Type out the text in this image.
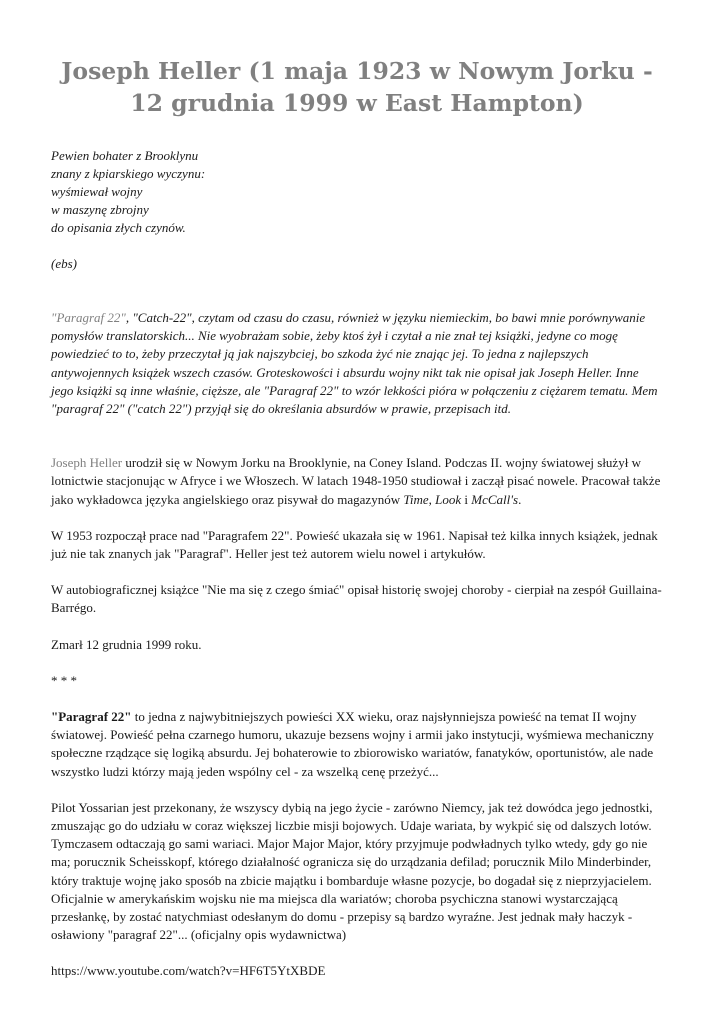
Joseph Heller (1 maja 1923 w Nowym Jorku - 12 grudnia 1999 w East Hampton)
Pewien bohater z Brooklynu
znany z kpiarskiego wyczynu:
wyśmiewał wojny
w maszynę zbrojny
do opisania złych czynów.
(ebs)

"Paragraf 22", "Catch-22", czytam od czasu do czasu, również w języku niemieckim, bo bawi mnie porównywanie pomysłów translatorskich... Nie wyobrażam sobie, żeby ktoś żył i czytał a nie znał tej książki, jedyne co mogę powiedzieć to to, żeby przeczytał ją jak najszybciej, bo szkoda żyć nie znając jej. To jedna z najlepszych antywojennych książek wszech czasów. Groteskowości i absurdu wojny nikt tak nie opisał jak Joseph Heller. Inne jego książki są inne właśnie, cięższe, ale "Paragraf 22" to wzór lekkości pióra w połączeniu z ciężarem tematu. Mem "paragraf 22" ("catch 22") przyjął się do określania absurdów w prawie, przepisach itd.

Joseph Heller urodził się w Nowym Jorku na Brooklynie, na Coney Island. Podczas II. wojny światowej służył w lotnictwie stacjonując w Afryce i we Włoszech. W latach 1948-1950 studiował i zaczął pisać nowele. Pracował także jako wykładowca języka angielskiego oraz pisywał do magazynów Time, Look i McCall's.

W 1953 rozpoczął prace nad "Paragrafem 22". Powieść ukazała się w 1961. Napisał też kilka innych książek, jednak już nie tak znanych jak "Paragraf". Heller jest też autorem wielu nowel i artykułów.

W autobiograficznej książce "Nie ma się z czego śmiać" opisał historię swojej choroby - cierpiał na zespół Guillaina-Barrégo.

Zmarł 12 grudnia 1999 roku.

* * *

"Paragraf 22" to jedna z najwybitniejszych powieści XX wieku, oraz najsłynniejsza powieść na temat II wojny światowej. Powieść pełna czarnego humoru, ukazuje bezsens wojny i armii jako instytucji, wyśmiewa mechaniczny społeczne rządzące się logiką absurdu. Jej bohaterowie to zbiorowisko wariatów, fanatyków, oportunistów, ale nade wszystko ludzi którzy mają jeden wspólny cel - za wszelką cenę przeżyć...

Pilot Yossarian jest przekonany, że wszyscy dybią na jego życie - zarówno Niemcy, jak też dowódca jego jednostki, zmuszając go do udziału w coraz większej liczbie misji bojowych. Udaje wariata, by wykpić się od dalszych lotów. Tymczasem odtaczają go sami wariaci. Major Major Major, który przyjmuje podwładnych tylko wtedy, gdy go nie ma; porucznik Scheisskopf, którego działalność ogranicza się do urządzania defilad; porucznik Milo Minderbinder, który traktuje wojnę jako sposób na zbicie majątku i bombarduje własne pozycje, bo dogadał się z nieprzyjacielem. Oficjalnie w amerykańskim wojsku nie ma miejsca dla wariatów; choroba psychiczna stanowi wystarczającą przesłankę, by zostać natychmiast odesłanym do domu - przepisy są bardzo wyraźne. Jest jednak mały haczyk - osławiony "paragraf 22"... (oficjalny opis wydawnictwa)

https://www.youtube.com/watch?v=HF6T5YtXBDE
